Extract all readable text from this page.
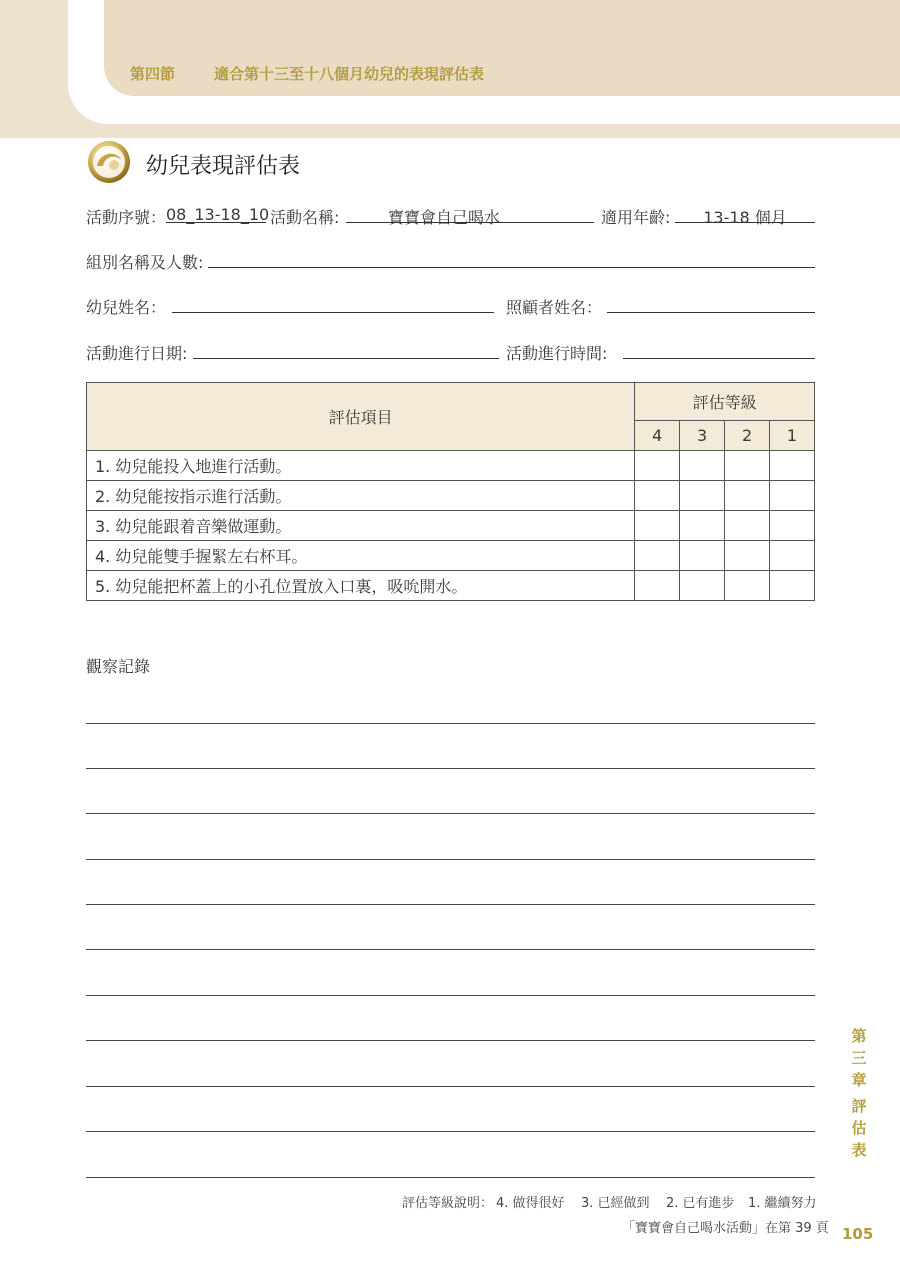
第四節	適合第十三至十八個月幼兒的表現評估表
幼兒表現評估表
活動序號： 08_13-18_10 活動名稱:	寶寶會自己喝水	適用年齡:	13-18 個月
組別名稱及人數:
幼兒姓名：	照顧者姓名：
活動進行日期:	活動進行時間:
評估項目	評估等級			
	4	3	2	1
1. 幼兒能投入地進行活動。				
2. 幼兒能按指示進行活動。				
3. 幼兒能跟着音樂做運動。				
4. 幼兒能雙手握緊左右杯耳。				
5. 幼兒能把杯蓋上的小孔位置放入口裏，吸吮開水。				
觀察記錄
第
三
章
評
估
表
評估等級說明： 4. 做得很好 3. 已經做到 2. 已有進步 1. 繼續努力
「寶寶會自己喝水活動」在第 39 頁 105
